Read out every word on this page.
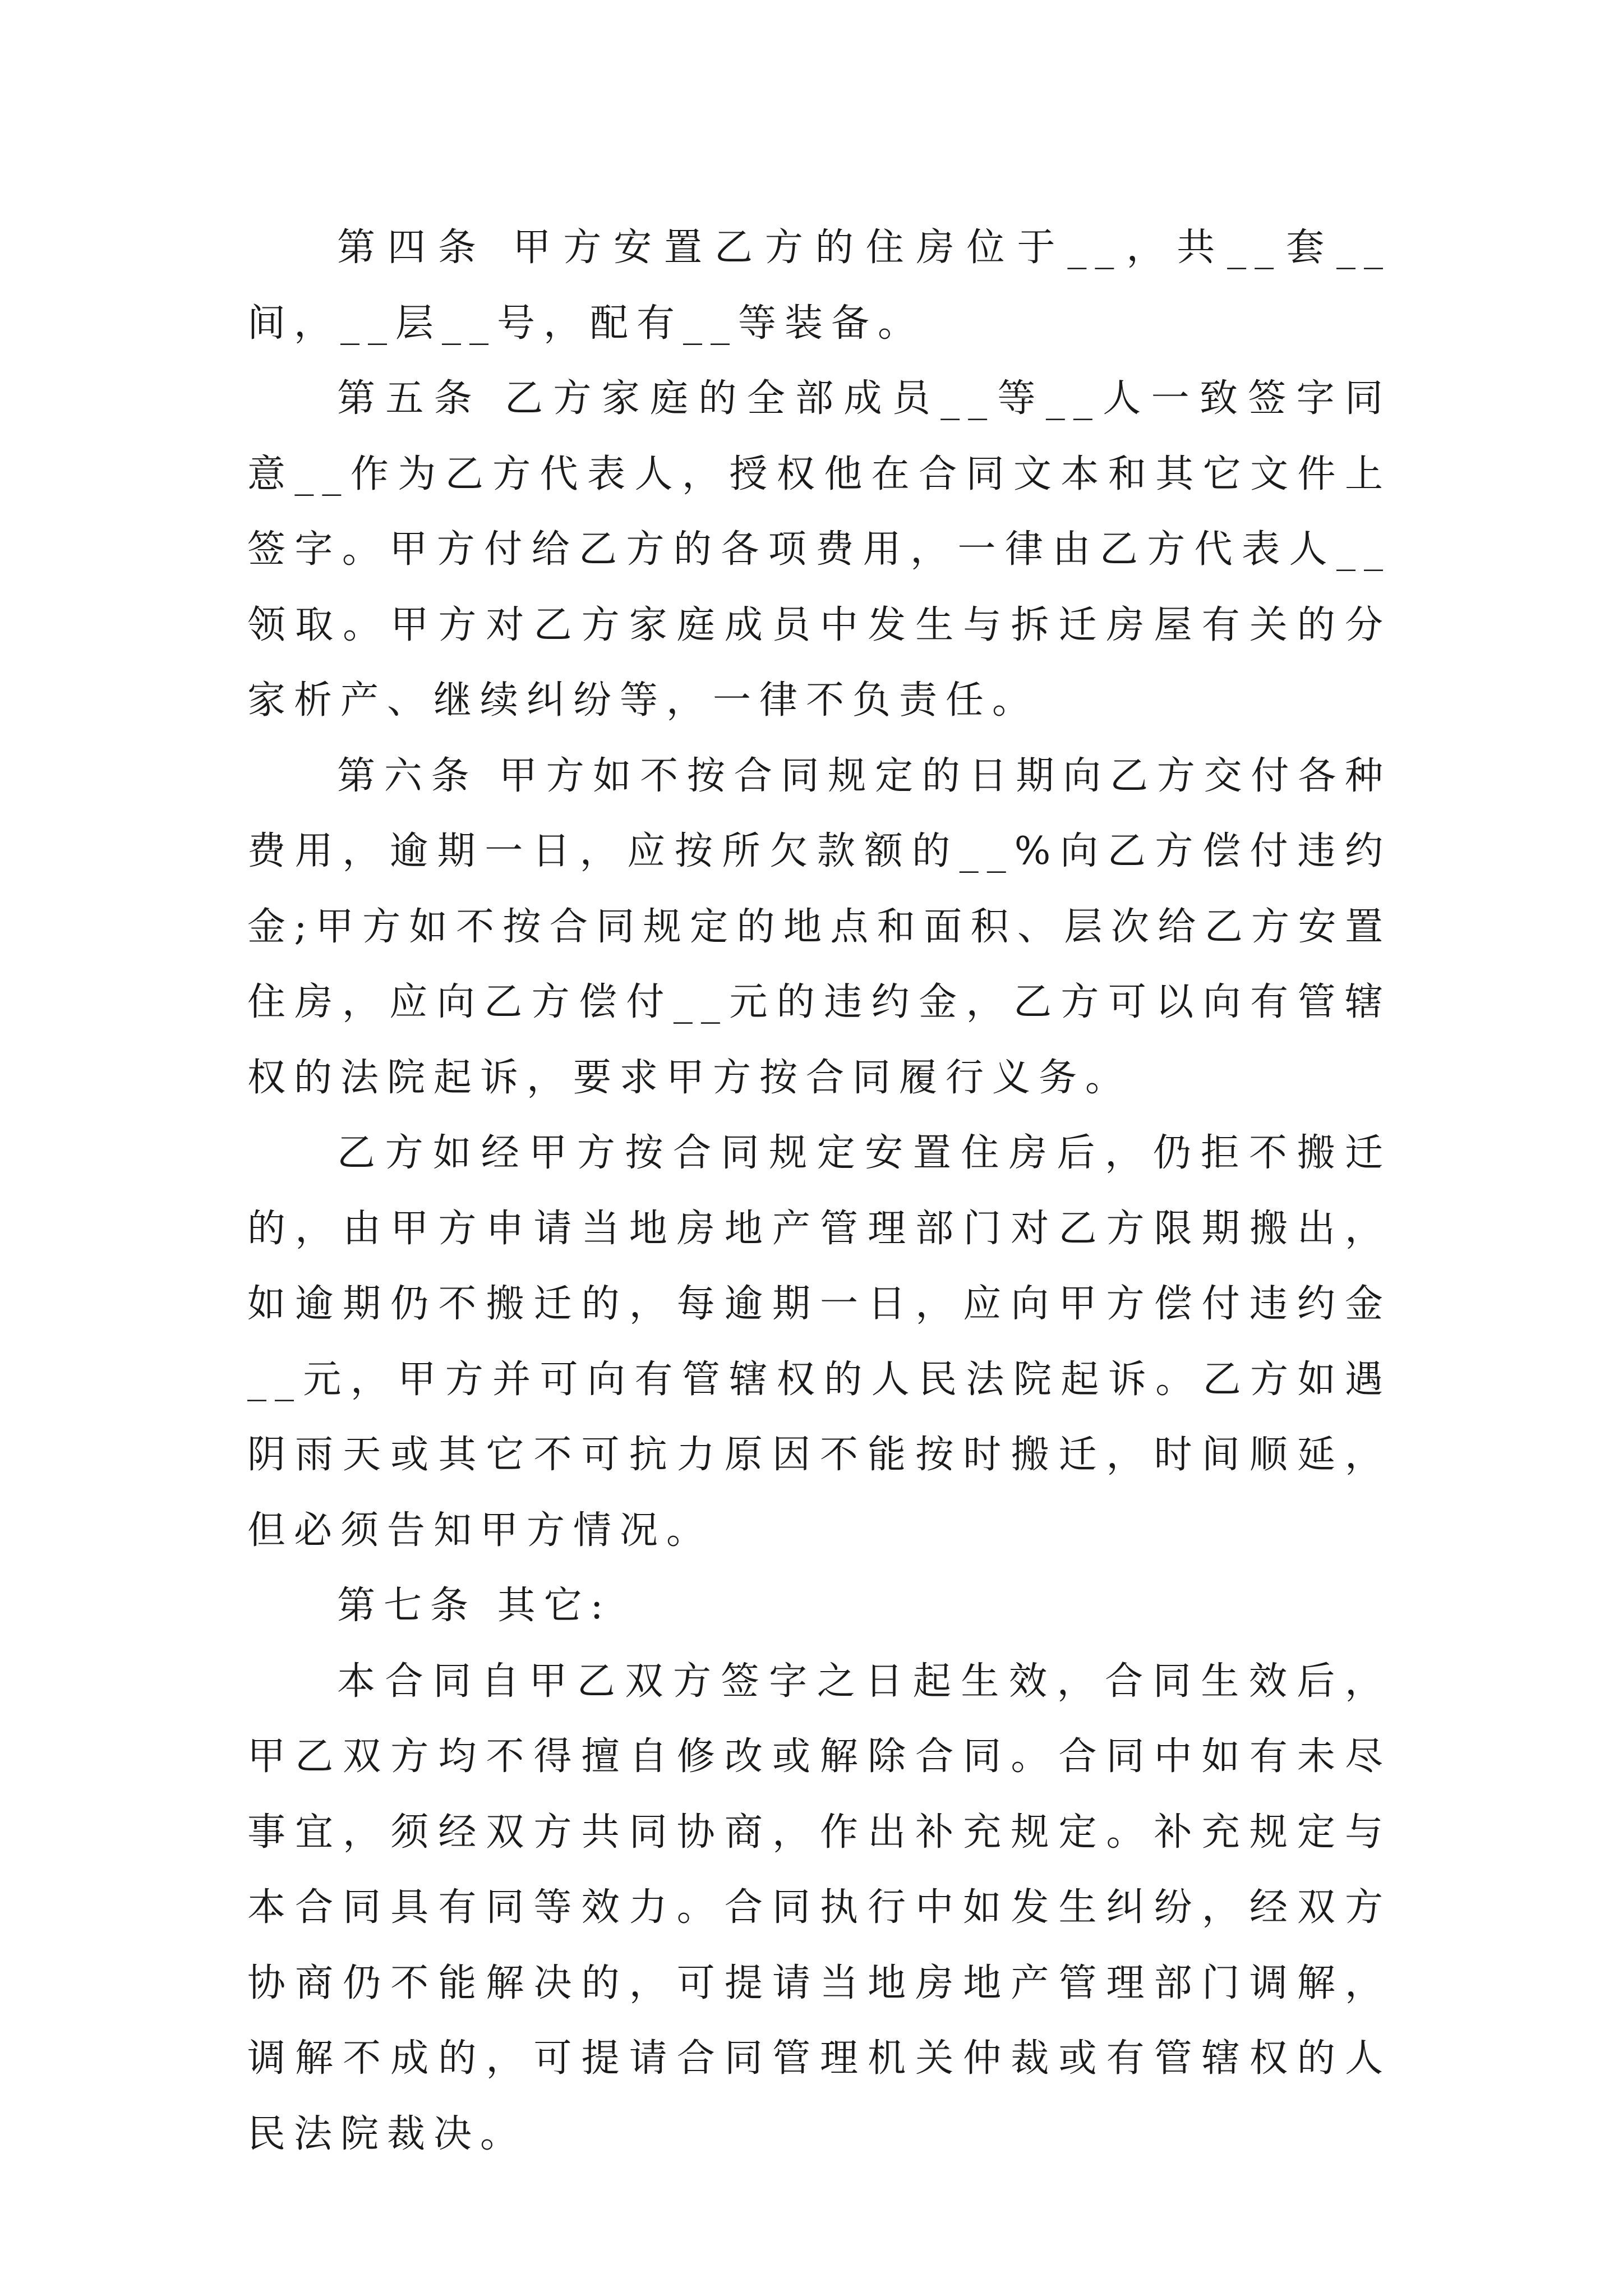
第四条 甲方安置乙方的住房位于__，共__套__间，__层__号，配有__等装备。

第五条 乙方家庭的全部成员__等__人一致签字同意__作为乙方代表人，授权他在合同文本和其它文件上签字。甲方付给乙方的各项费用，一律由乙方代表人__领取。甲方对乙方家庭成员中发生与拆迁房屋有关的分家析产、继续纠纷等，一律不负责任。

第六条 甲方如不按合同规定的日期向乙方交付各种费用，逾期一日，应按所欠款额的__%向乙方偿付违约金;甲方如不按合同规定的地点和面积、层次给乙方安置住房，应向乙方偿付__元的违约金，乙方可以向有管辖权的法院起诉，要求甲方按合同履行义务。

乙方如经甲方按合同规定安置住房后，仍拒不搬迁的，由甲方申请当地房地产管理部门对乙方限期搬出，如逾期仍不搬迁的，每逾期一日，应向甲方偿付违约金__元，甲方并可向有管辖权的人民法院起诉。乙方如遇阴雨天或其它不可抗力原因不能按时搬迁，时间顺延，但必须告知甲方情况。

第七条 其它:

本合同自甲乙双方签字之日起生效，合同生效后，甲乙双方均不得擅自修改或解除合同。合同中如有未尽事宜，须经双方共同协商，作出补充规定。补充规定与本合同具有同等效力。合同执行中如发生纠纷，经双方协商仍不能解决的，可提请当地房地产管理部门调解，调解不成的，可提请合同管理机关仲裁或有管辖权的人民法院裁决。
